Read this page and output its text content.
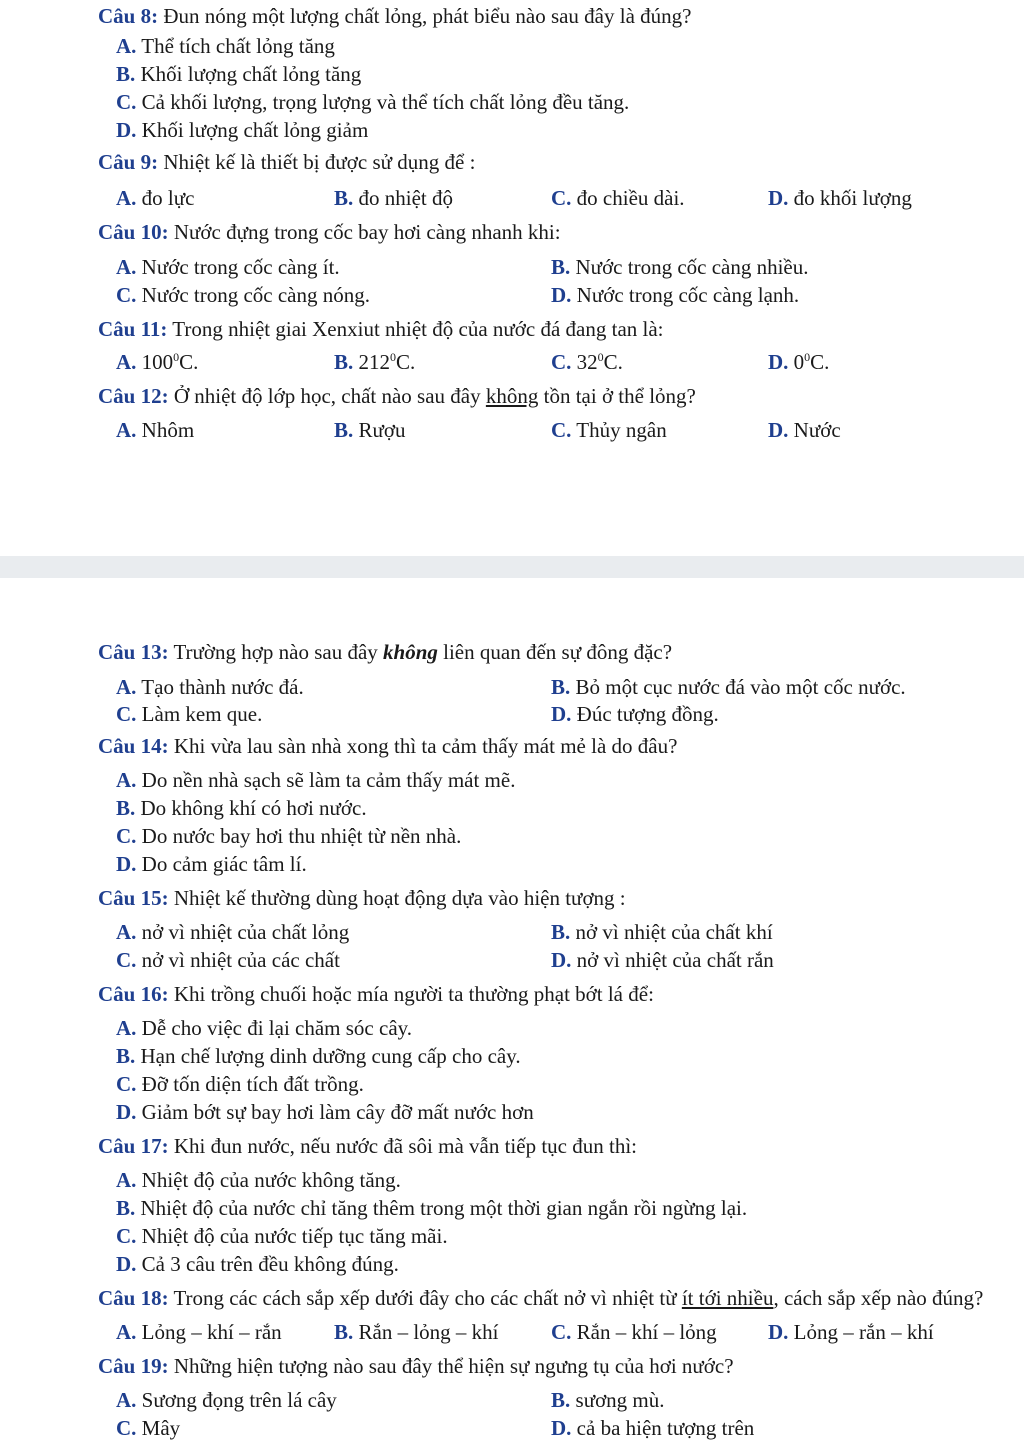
Câu 8: Đun nóng một lượng chất lỏng, phát biểu nào sau đây là đúng?
A. Thể tích chất lỏng tăng
B. Khối lượng chất lỏng tăng
C. Cả khối lượng, trọng lượng và thể tích chất lỏng đều tăng.
D. Khối lượng chất lỏng giảm
Câu 9: Nhiệt kế là thiết bị được sử dụng để :
A. đo lực	B. đo nhiệt độ	C. đo chiều dài.	D. đo khối lượng
Câu 10: Nước đựng trong cốc bay hơi càng nhanh khi:
A. Nước trong cốc càng ít.	B. Nước trong cốc càng nhiều.
C. Nước trong cốc càng nóng.	D. Nước trong cốc càng lạnh.
Câu 11: Trong nhiệt giai Xenxiut nhiệt độ của nước đá đang tan là:
A. $100^0C$.	B. $212^0C$.	C. $32^0C$.	D. $0^0C$.
Câu 12: Ở nhiệt độ lớp học, chất nào sau đây không tồn tại ở thể lỏng?
A. Nhôm	B. Rượu	C. Thủy ngân	D. Nước
Câu 13: Trường hợp nào sau đây không liên quan đến sự đông đặc?
A. Tạo thành nước đá.	B. Bỏ một cục nước đá vào một cốc nước.
C. Làm kem que.	D. Đúc tượng đồng.
Câu 14: Khi vừa lau sàn nhà xong thì ta cảm thấy mát mẻ là do đâu?
A. Do nền nhà sạch sẽ làm ta cảm thấy mát mẽ.
B. Do không khí có hơi nước.
C. Do nước bay hơi thu nhiệt từ nền nhà.
D. Do cảm giác tâm lí.
Câu 15: Nhiệt kế thường dùng hoạt động dựa vào hiện tượng :
A. nở vì nhiệt của chất lỏng	B. nở vì nhiệt của chất khí
C. nở vì nhiệt của các chất	D. nở vì nhiệt của chất rắn
Câu 16: Khi trồng chuối hoặc mía người ta thường phạt bớt lá để:
A. Dễ cho việc đi lại chăm sóc cây.
B. Hạn chế lượng dinh dưỡng cung cấp cho cây.
C. Đỡ tốn diện tích đất trồng.
D. Giảm bớt sự bay hơi làm cây đỡ mất nước hơn
Câu 17: Khi đun nước, nếu nước đã sôi mà vẫn tiếp tục đun thì:
A. Nhiệt độ của nước không tăng.
B. Nhiệt độ của nước chỉ tăng thêm trong một thời gian ngắn rồi ngừng lại.
C. Nhiệt độ của nước tiếp tục tăng mãi.
D. Cả 3 câu trên đều không đúng.
Câu 18: Trong các cách sắp xếp dưới đây cho các chất nở vì nhiệt từ ít tới nhiều, cách sắp xếp nào đúng?
A. Lỏng – khí – rắn B. Rắn – lỏng – khí C. Rắn – khí – lỏng D. Lỏng – rắn – khí
Câu 19: Những hiện tượng nào sau đây thể hiện sự ngưng tụ của hơi nước?
A. Sương đọng trên lá cây	B. sương mù.
C. Mây	D. cả ba hiện tượng trên
